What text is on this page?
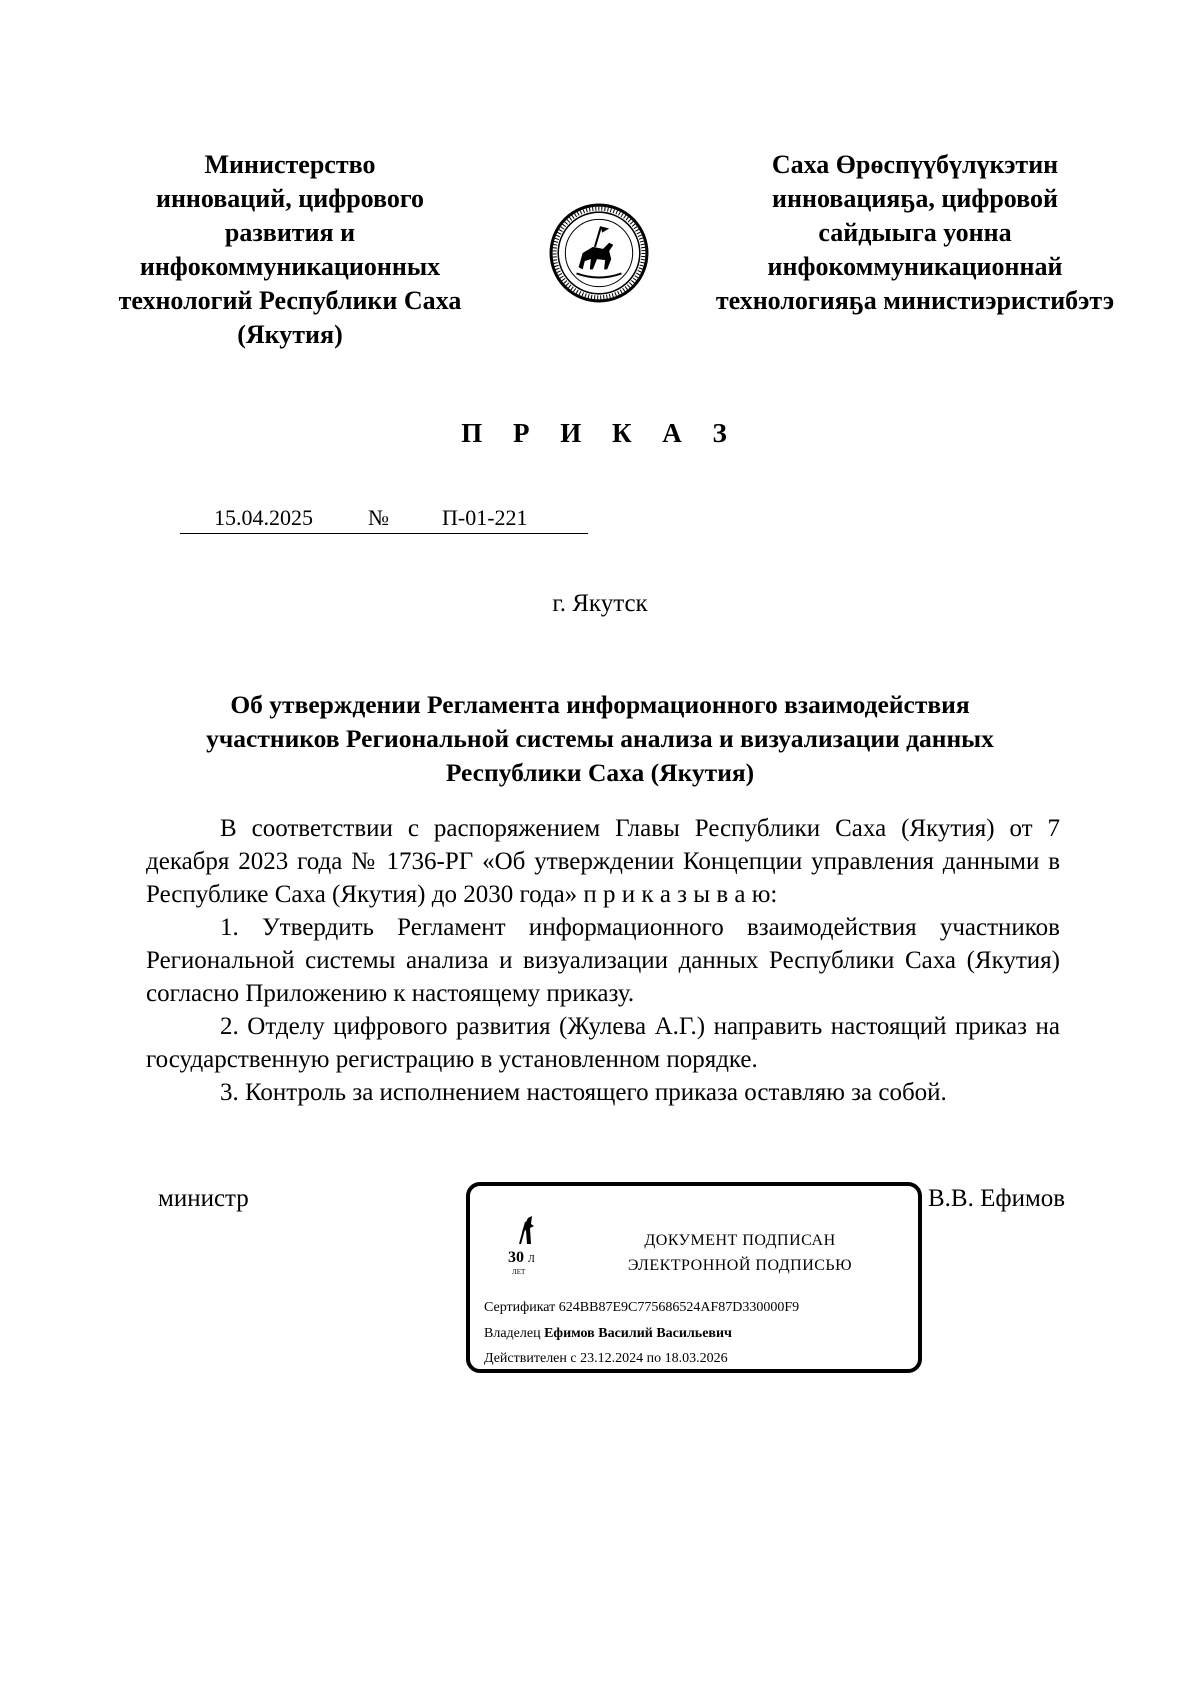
Министерство
инноваций, цифрового
развития и
инфокоммуникационных
технологий Республики Саха
(Якутия)
Саха Өрөспүүбүлүкэтин
инновацияҕа, цифровой
сайдыыга уонна
инфокоммуникационнай
технологияҕа министиэристибэтэ
П Р И К А З
15.04.2025	№ П-01-221
г. Якутск
Об утверждении Регламента информационного взаимодействия
участников Региональной системы анализа и визуализации данных
Республики Саха (Якутия)

В соответствии с распоряжением Главы Республики Саха (Якутия) от 7 декабря 2023 года № 1736-РГ «Об утверждении Концепции управления данными в Республике Саха (Якутия) до 2030 года» п р и к а з ы в а ю:

1. Утвердить Регламент информационного взаимодействия участников Региональной системы анализа и визуализации данных Республики Саха (Якутия) согласно Приложению к настоящему приказу.

2. Отделу цифрового развития (Жулева А.Г.) направить настоящий приказ на государственную регистрацию в установленном порядке.

3. Контроль за исполнением настоящего приказа оставляю за собой.

министр	В.В. Ефимов
30 Л
ЛЕТ
ДОКУМЕНТ ПОДПИСАН
ЭЛЕКТРОННОЙ ПОДПИСЬЮ
Сертификат 624BB87E9C775686524AF87D330000F9
Владелец Ефимов Василий Васильевич
Действителен с 23.12.2024 по 18.03.2026
